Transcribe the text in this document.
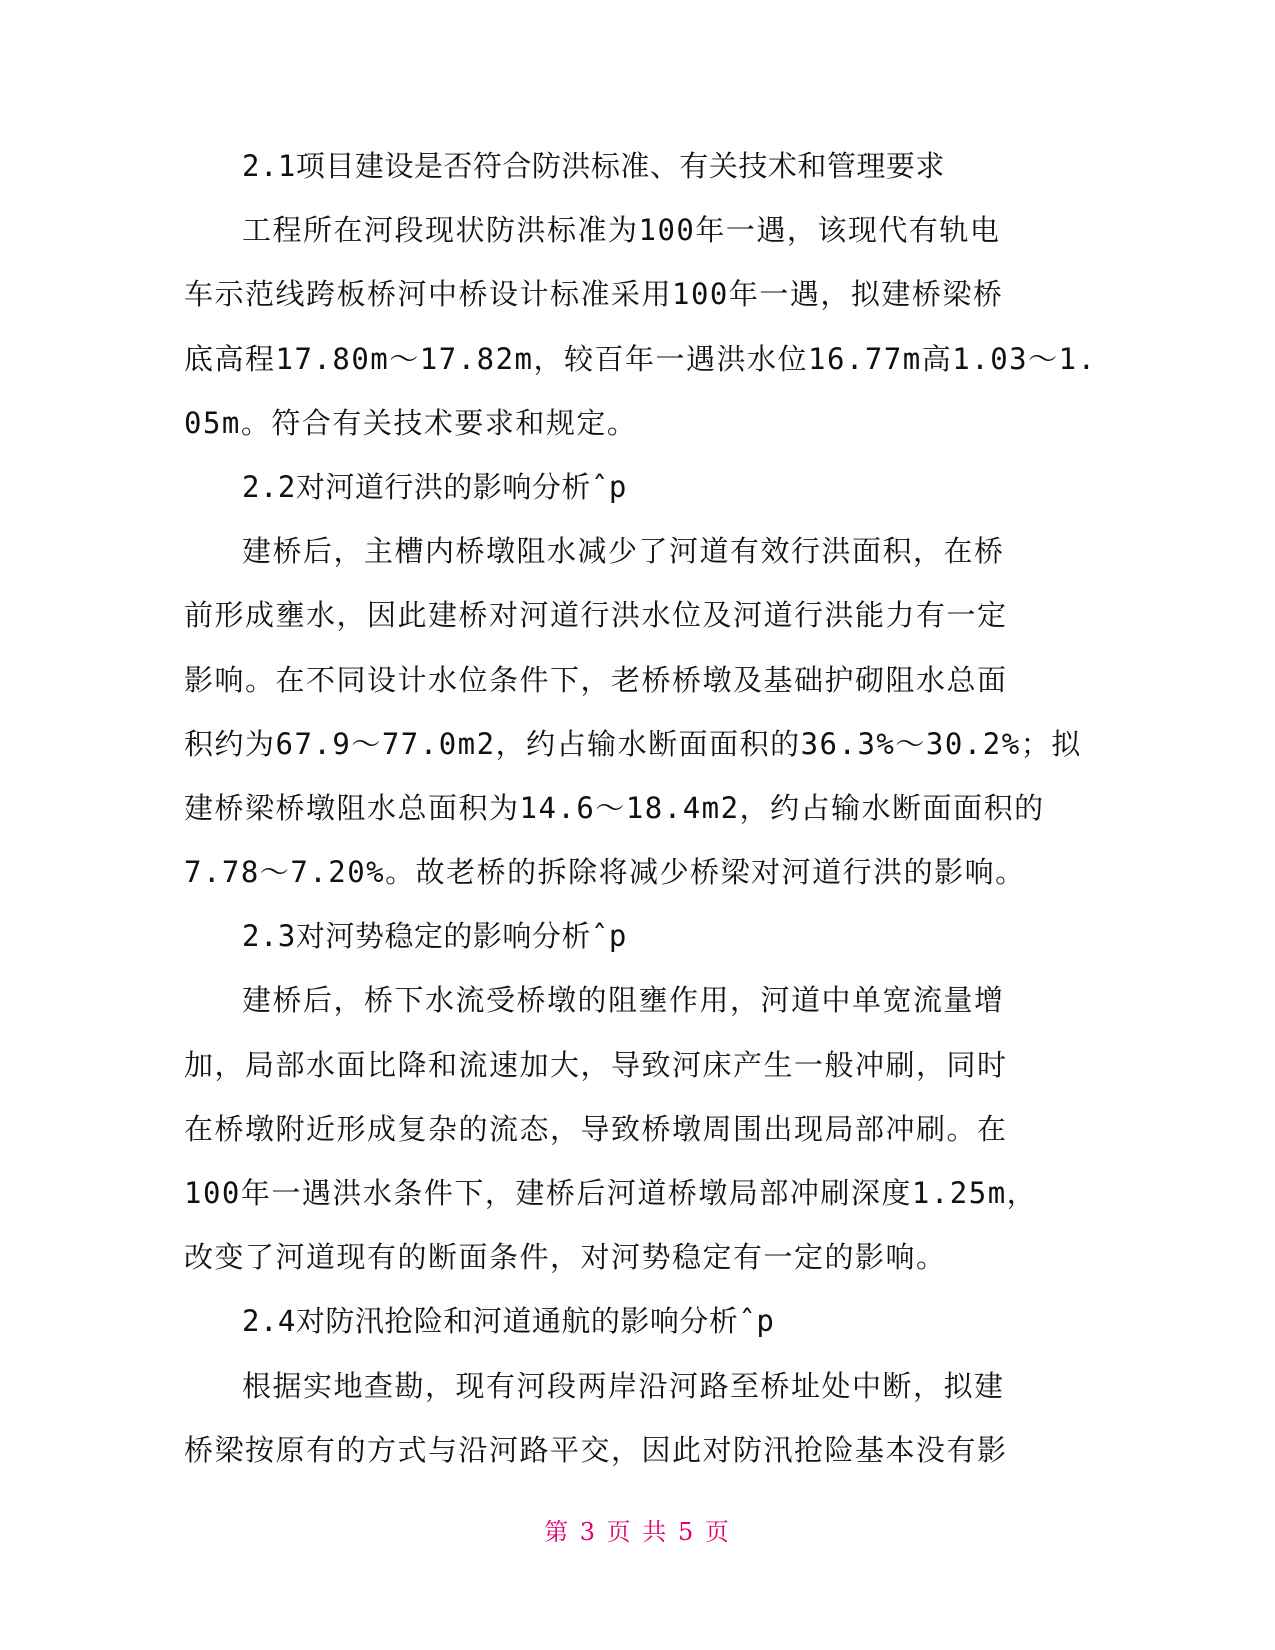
2.1项目建设是否符合防洪标准、有关技术和管理要求
工程所在河段现状防洪标准为100年一遇，该现代有轨电
车示范线跨板桥河中桥设计标准采用100年一遇，拟建桥梁桥
底高程17.80m～17.82m，较百年一遇洪水位16.77m高1.03～1.
05m。符合有关技术要求和规定。
2.2对河道行洪的影响分析ˆp
建桥后，主槽内桥墩阻水减少了河道有效行洪面积，在桥
前形成壅水，因此建桥对河道行洪水位及河道行洪能力有一定
影响。在不同设计水位条件下，老桥桥墩及基础护砌阻水总面
积约为67.9～77.0m2，约占输水断面面积的36.3%～30.2%；拟
建桥梁桥墩阻水总面积为14.6～18.4m2，约占输水断面面积的
7.78～7.20%。故老桥的拆除将减少桥梁对河道行洪的影响。
2.3对河势稳定的影响分析ˆp
建桥后，桥下水流受桥墩的阻壅作用，河道中单宽流量增
加，局部水面比降和流速加大，导致河床产生一般冲刷，同时
在桥墩附近形成复杂的流态，导致桥墩周围出现局部冲刷。在
100年一遇洪水条件下，建桥后河道桥墩局部冲刷深度1.25m，
改变了河道现有的断面条件，对河势稳定有一定的影响。
2.4对防汛抢险和河道通航的影响分析ˆp
根据实地查勘，现有河段两岸沿河路至桥址处中断，拟建
桥梁按原有的方式与沿河路平交，因此对防汛抢险基本没有影
第 3 页 共 5 页
